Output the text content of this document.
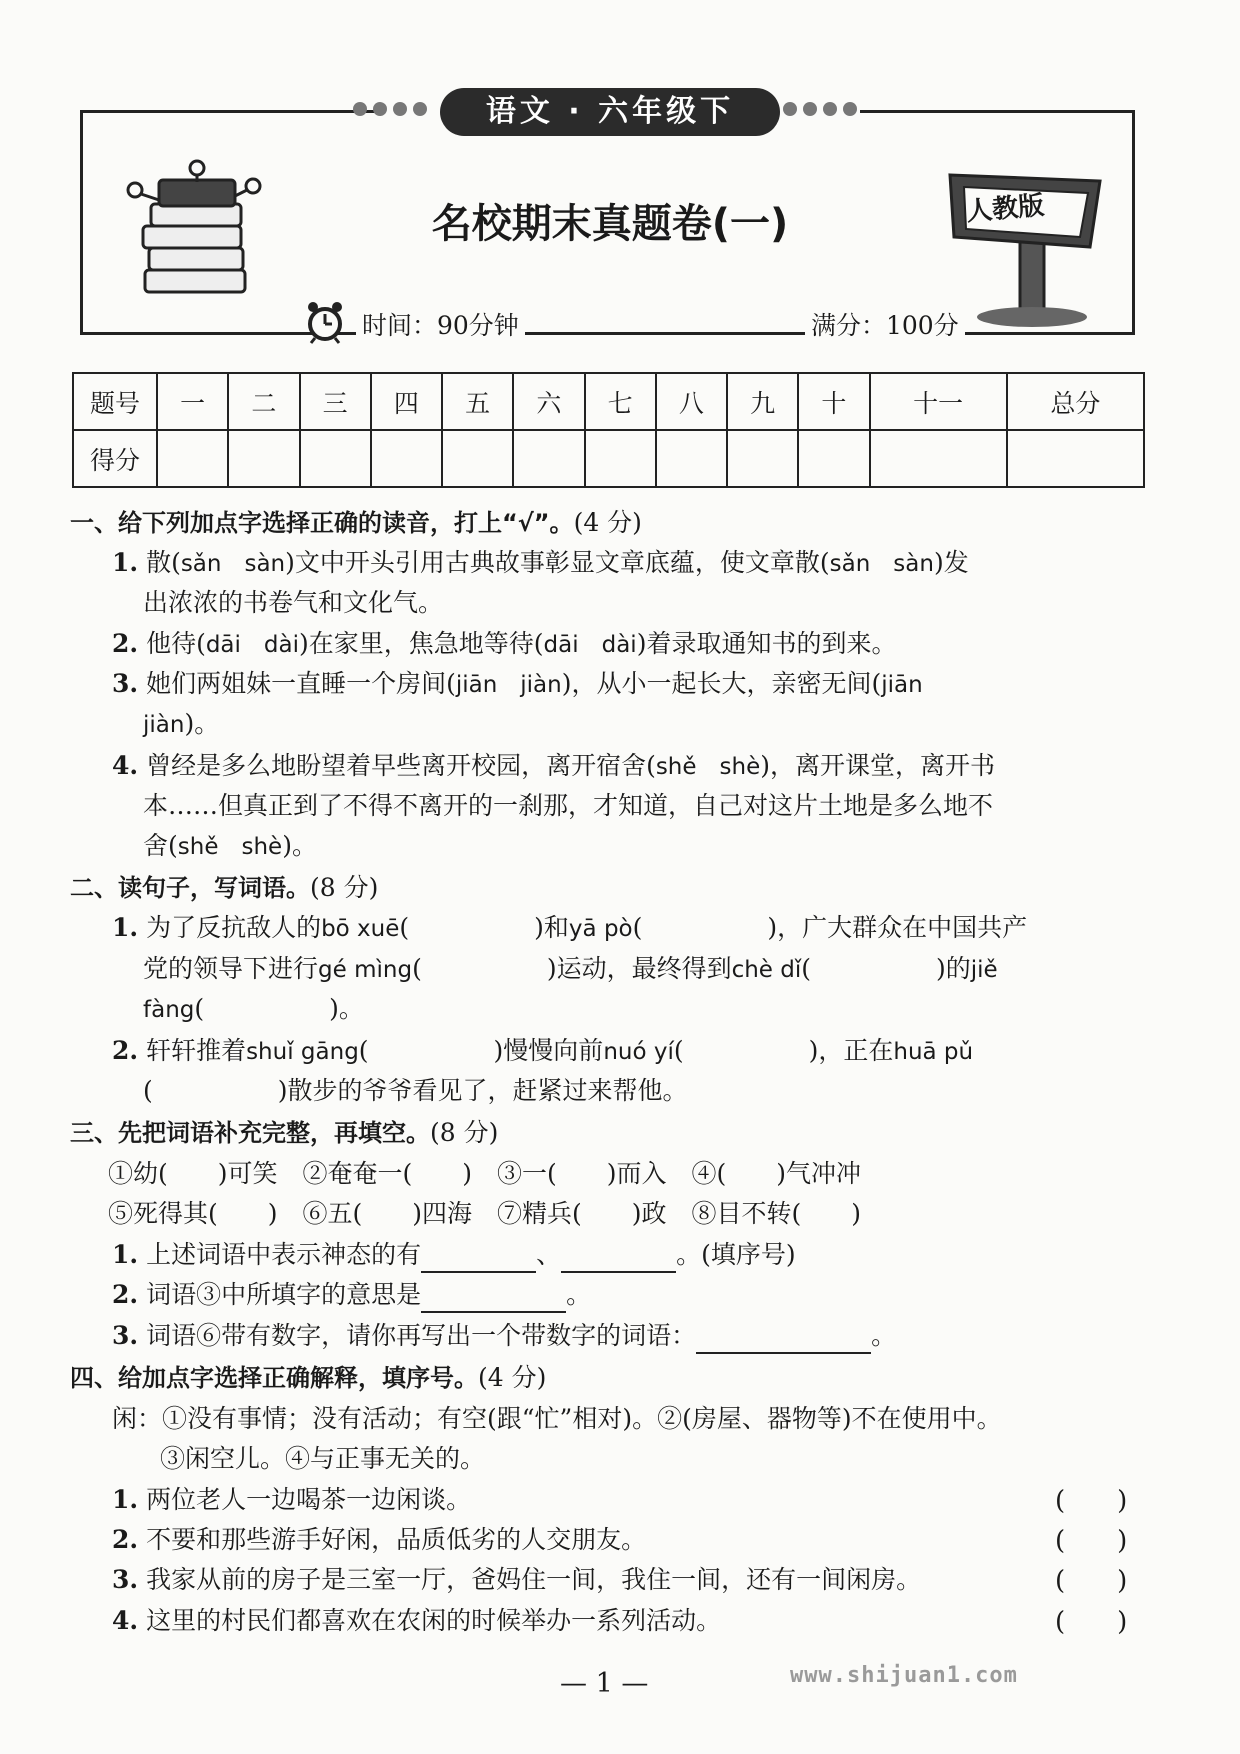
语文 · 六年级下
名校期末真题卷(一)	人教版
时间：90分钟	满分：100分
题号	一	二	三	四	五	六	七	八	九	十	十一	总分
得分												
一、给下列加点字选择正确的读音，打上“√”。(4 分)
1. 散(sǎn　sàn)文中开头引用古典故事彰显文章底蕴，使文章散(sǎn　sàn)发
出浓浓的书卷气和文化气。
2. 他待(dāi　dài)在家里，焦急地等待(dāi　dài)着录取通知书的到来。
3. 她们两姐妹一直睡一个房间(jiān　jiàn)，从小一起长大，亲密无间(jiān
jiàn)。
4. 曾经是多么地盼望着早些离开校园，离开宿舍(shě　shè)，离开课堂，离开书
本……但真正到了不得不离开的一刹那，才知道，自己对这片土地是多么地不
舍(shě　shè)。
二、读句子，写词语。(8 分)
1. 为了反抗敌人的bō xuē(　　　　　)和yā pò(　　　　　)，广大群众在中国共产
党的领导下进行gé mìng(　　　　　)运动，最终得到chè dǐ(　　　　　)的jiě
fàng(　　　　　)。
2. 轩轩推着shuǐ gāng(　　　　　)慢慢向前nuó yí(　　　　　)，正在huā pǔ
(　　　　　)散步的爷爷看见了，赶紧过来帮他。
三、先把词语补充完整，再填空。(8 分)
①幼(　　)可笑　②奄奄一(　　)　③一(　　)而入　④(　　)气冲冲
⑤死得其(　　)　⑥五(　　)四海　⑦精兵(　　)政　⑧目不转(　　)
1. 上述词语中表示神态的有	、	。(填序号)
2. 词语③中所填字的意思是	。
3. 词语⑥带有数字，请你再写出一个带数字的词语：	。
四、给加点字选择正确解释，填序号。(4 分)
闲：①没有事情；没有活动；有空(跟“忙”相对)。②(房屋、器物等)不在使用中。
③闲空儿。④与正事无关的。
1. 两位老人一边喝茶一边闲谈。	(　　)
2. 不要和那些游手好闲，品质低劣的人交朋友。	(　　)
3. 我家从前的房子是三室一厅，爸妈住一间，我住一间，还有一间闲房。	(　　)
4. 这里的村民们都喜欢在农闲的时候举办一系列活动。	(　　)
— 1 —	www.shijuan1.com
